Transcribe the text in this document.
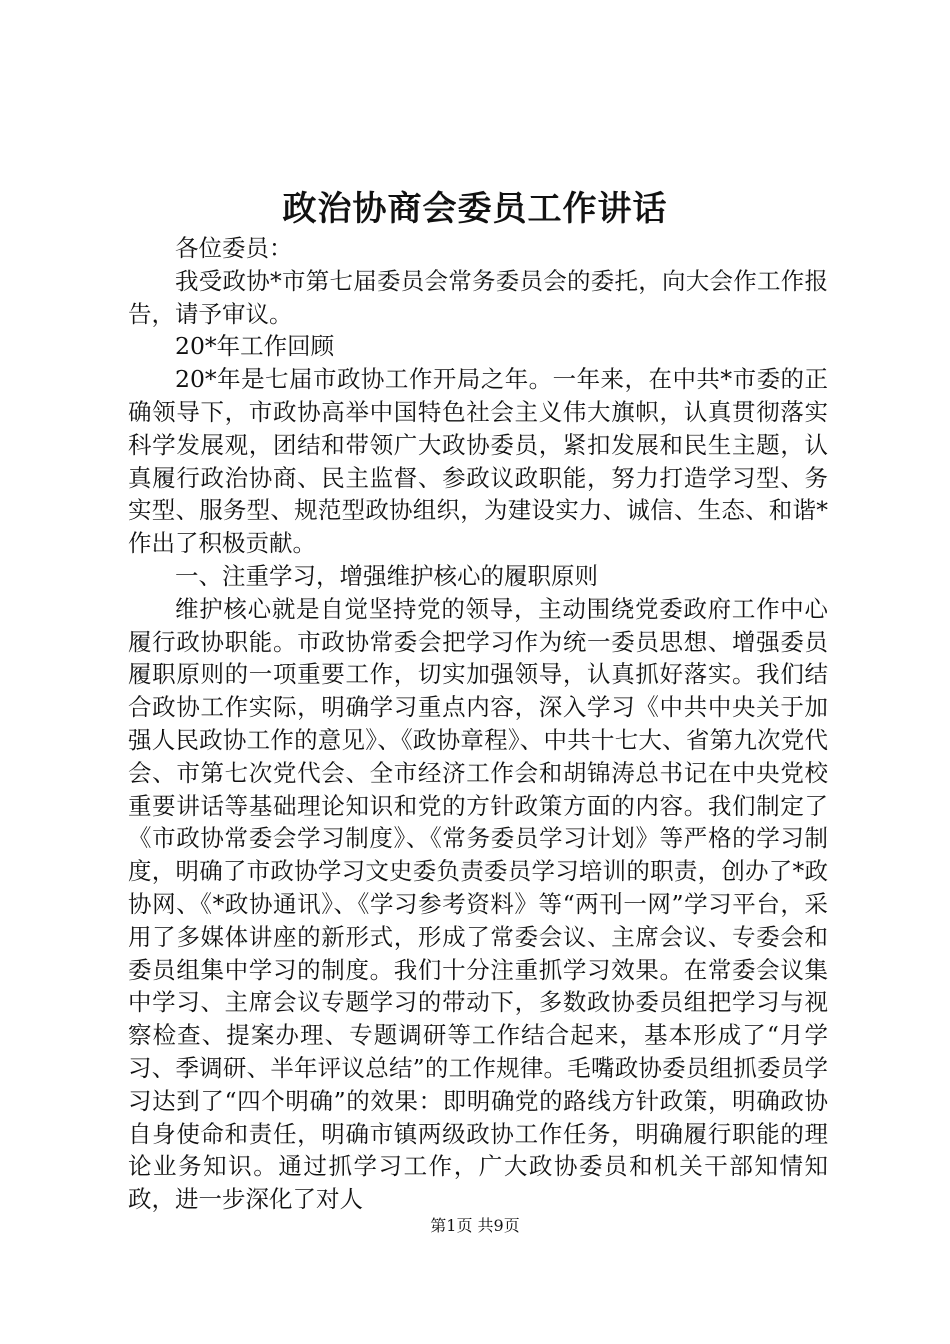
政治协商会委员工作讲话

各位委员：

我受政协*市第七届委员会常务委员会的委托，向大会作工作报告，请予审议。

20*年工作回顾

20*年是七届市政协工作开局之年。一年来，在中共*市委的正确领导下，市政协高举中国特色社会主义伟大旗帜，认真贯彻落实科学发展观，团结和带领广大政协委员，紧扣发展和民生主题，认真履行政治协商、民主监督、参政议政职能，努力打造学习型、务实型、服务型、规范型政协组织，为建设实力、诚信、生态、和谐*作出了积极贡献。

一、注重学习，增强维护核心的履职原则

维护核心就是自觉坚持党的领导，主动围绕党委政府工作中心履行政协职能。市政协常委会把学习作为统一委员思想、增强委员履职原则的一项重要工作，切实加强领导，认真抓好落实。我们结合政协工作实际，明确学习重点内容，深入学习《中共中央关于加强人民政协工作的意见》、《政协章程》、中共十七大、省第九次党代会、市第七次党代会、全市经济工作会和胡锦涛总书记在中央党校重要讲话等基础理论知识和党的方针政策方面的内容。我们制定了《市政协常委会学习制度》、《常务委员学习计划》等严格的学习制度，明确了市政协学习文史委负责委员学习培训的职责，创办了*政协网、《*政协通讯》、《学习参考资料》等“两刊一网”学习平台，采用了多媒体讲座的新形式，形成了常委会议、主席会议、专委会和委员组集中学习的制度。我们十分注重抓学习效果。在常委会议集中学习、主席会议专题学习的带动下，多数政协委员组把学习与视察检查、提案办理、专题调研等工作结合起来，基本形成了“月学习、季调研、半年评议总结”的工作规律。毛嘴政协委员组抓委员学习达到了“四个明确”的效果：即明确党的路线方针政策，明确政协自身使命和责任，明确市镇两级政协工作任务，明确履行职能的理论业务知识。通过抓学习工作，广大政协委员和机关干部知情知政，进一步深化了对人

第1页 共9页
